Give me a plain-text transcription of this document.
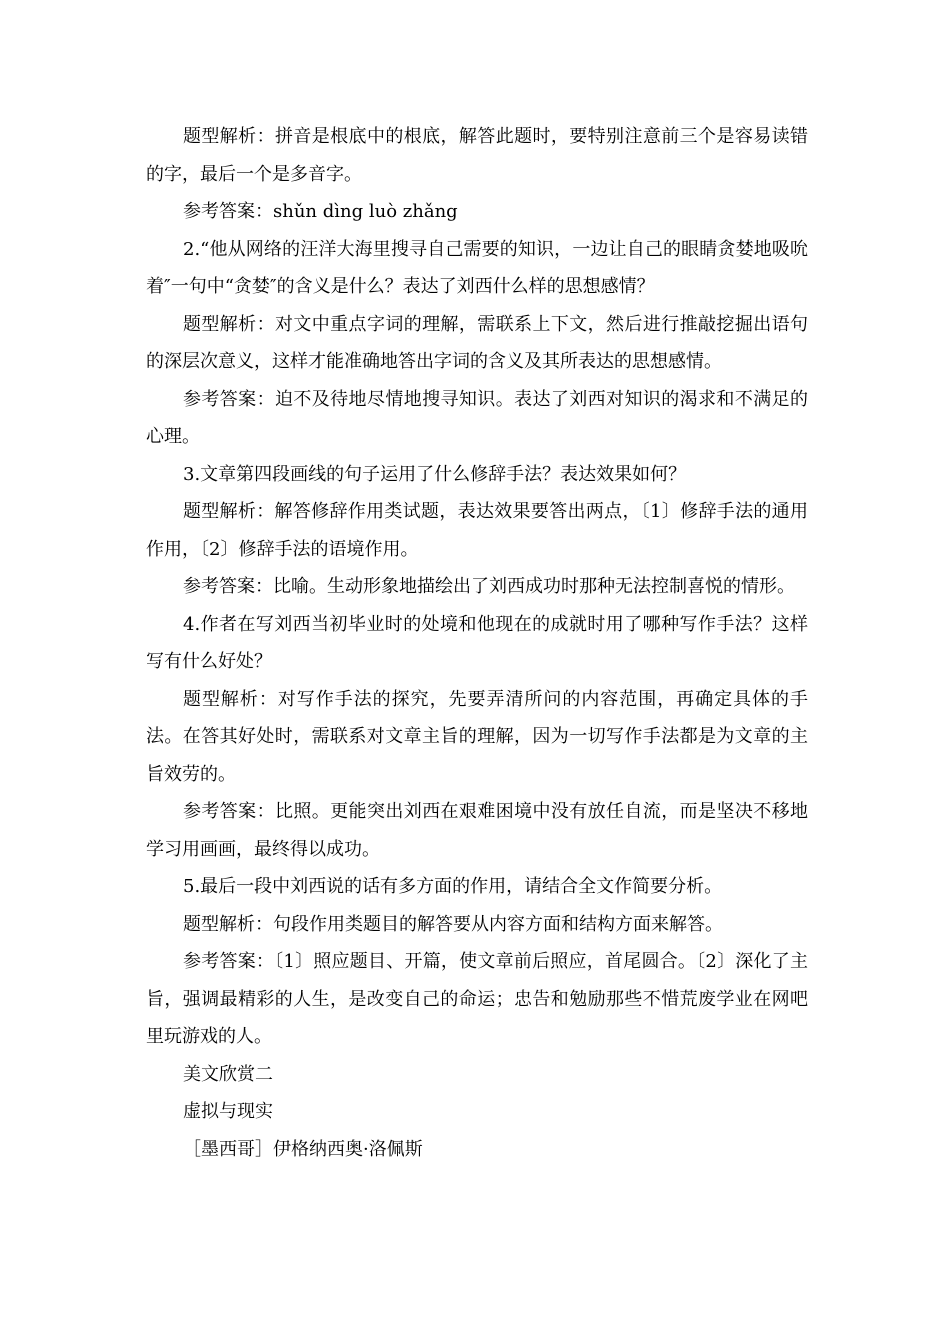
题型解析：拼音是根底中的根底，解答此题时，要特别注意前三个是容易读错的字，最后一个是多音字。

参考答案：shǔn dìng luò zhǎng

2.“他从网络的汪洋大海里搜寻自己需要的知识，一边让自己的眼睛贪婪地吸吮着″一句中“贪婪″的含义是什么？表达了刘西什么样的思想感情？

题型解析：对文中重点字词的理解，需联系上下文，然后进行推敲挖掘出语句的深层次意义，这样才能准确地答出字词的含义及其所表达的思想感情。

参考答案：迫不及待地尽情地搜寻知识。表达了刘西对知识的渴求和不满足的心理。

3.文章第四段画线的句子运用了什么修辞手法？表达效果如何？

题型解析：解答修辞作用类试题，表达效果要答出两点，〔1〕修辞手法的通用作用，〔2〕修辞手法的语境作用。

参考答案：比喻。生动形象地描绘出了刘西成功时那种无法控制喜悦的情形。

4.作者在写刘西当初毕业时的处境和他现在的成就时用了哪种写作手法？这样写有什么好处？

题型解析：对写作手法的探究，先要弄清所问的内容范围，再确定具体的手法。在答其好处时，需联系对文章主旨的理解，因为一切写作手法都是为文章的主旨效劳的。

参考答案：比照。更能突出刘西在艰难困境中没有放任自流，而是坚决不移地学习用画画，最终得以成功。

5.最后一段中刘西说的话有多方面的作用，请结合全文作简要分析。

题型解析：句段作用类题目的解答要从内容方面和结构方面来解答。

参考答案：〔1〕照应题目、开篇，使文章前后照应，首尾圆合。〔2〕深化了主旨，强调最精彩的人生，是改变自己的命运；忠告和勉励那些不惜荒废学业在网吧里玩游戏的人。

美文欣赏二

虚拟与现实

［墨西哥］伊格纳西奥·洛佩斯
